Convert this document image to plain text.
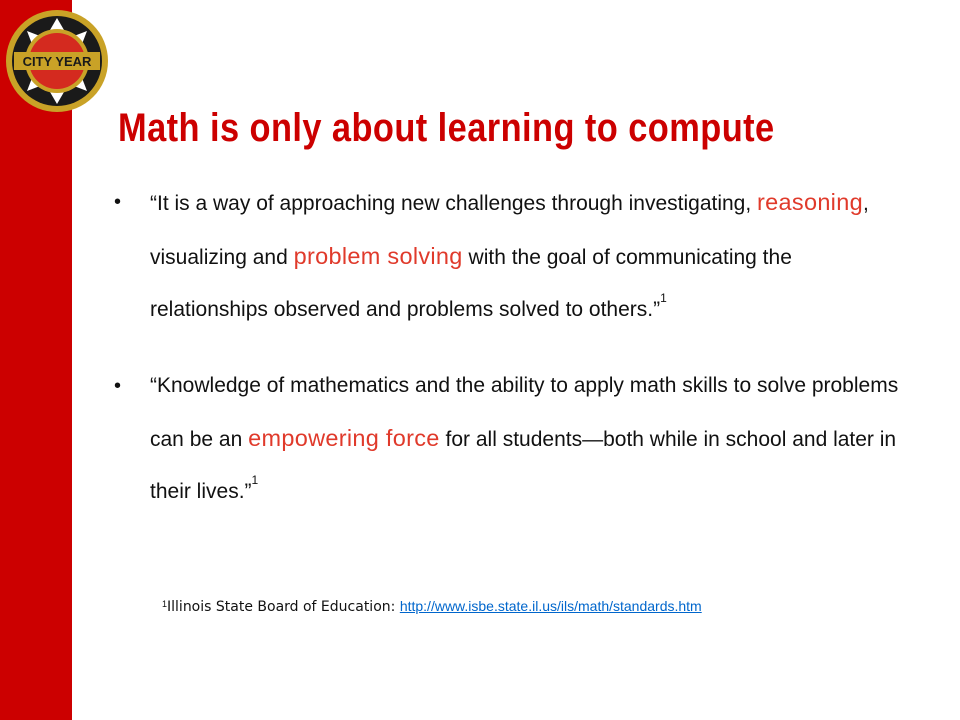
CITY YEAR
Math is only about learning to compute
• “It is a way of approaching new challenges through investigating, reasoning, visualizing and problem solving with the goal of communicating the relationships observed and problems solved to others.”$^1$
• “Knowledge of mathematics and the ability to apply math skills to solve problems can be an empowering force for all students—both while in school and later in their lives.”$^1$
$^1$Illinois State Board of Education: http://www.isbe.state.il.us/ils/math/standards.htm
